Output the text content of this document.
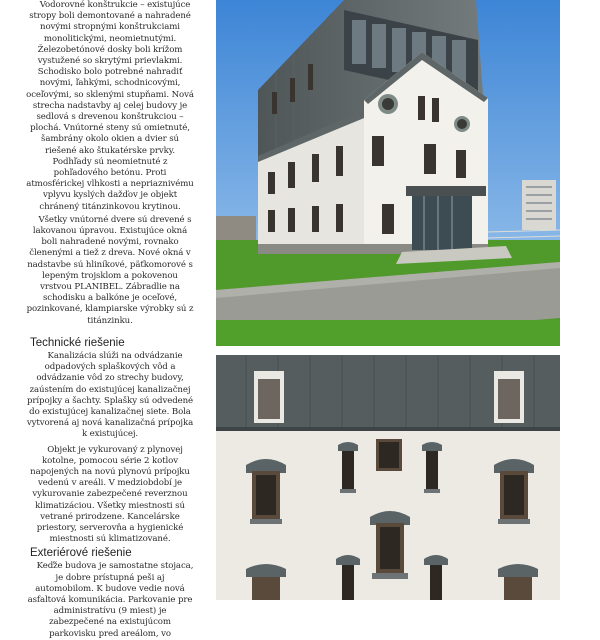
Vodorovné konštrukcie – existujúce stropy boli demontované a nahradené novými stropnými konštrukciami monolitickými, neomietnutými. Železobetónové dosky boli krížom vystužené so skrytými prievlakmi. Schodisko bolo potrebné nahradiť novými, ľahkými, schodnicovými, oceľovými, so sklenými stupňami. Nová strecha nadstavby aj celej budovy je sedlová s drevenou konštrukciou – plochá. Vnútorné steny sú omietnuté, šambrány okolo okien a dvier sú riešené ako štukatérske prvky. Podhľady sú neomietnuté z pohľadového betónu. Proti atmosférickej vlhkosti a nepriaznivému vplyvu kyslých dažďov je objekt chránený titánzinkovou krytinou.

Všetky vnútorné dvere sú drevené s lakovanou úpravou. Existujúce okná boli nahradené novými, rovnako členenými a tiež z dreva. Nové okná v nadstavbe sú hliníkové, päťkomorové s lepeným trojsklom a pokovenou vrstvou PLANIBEL. Zábradlie na schodisku a balkóne je oceľové, pozinkované, klampiarske výrobky sú z titánzinku.

Technické riešenie

Kanalizácia slúži na odvádzanie odpadových splaškových vôd a odvádzanie vôd zo strechy budovy, zaústením do existujúcej kanalizačnej prípojky a šachty. Splašky sú odvedené do existujúcej kanalizačnej siete. Bola vytvorená aj nová kanalizačná prípojka k existujúcej.

Objekt je vykurovaný z plynovej kotolne, pomocou série 2 kotlov napojených na novú plynovú prípojku vedenú v areáli. V medziobdobí je vykurovanie zabezpečené reverznou klimatizáciou. Všetky miestnosti sú vetrané prirodzene. Kancelárske priestory, serverovňa a hygienické miestnosti sú klimatizované.

Exteriérové riešenie

Keďže budova je samostatne stojaca, je dobre prístupná peši aj automobilom. K budove vedie nová asfaltová komunikácia. Parkovanie pre administratívu (9 miest) je zabezpečené na existujúcom parkovisku pred areálom, vo
